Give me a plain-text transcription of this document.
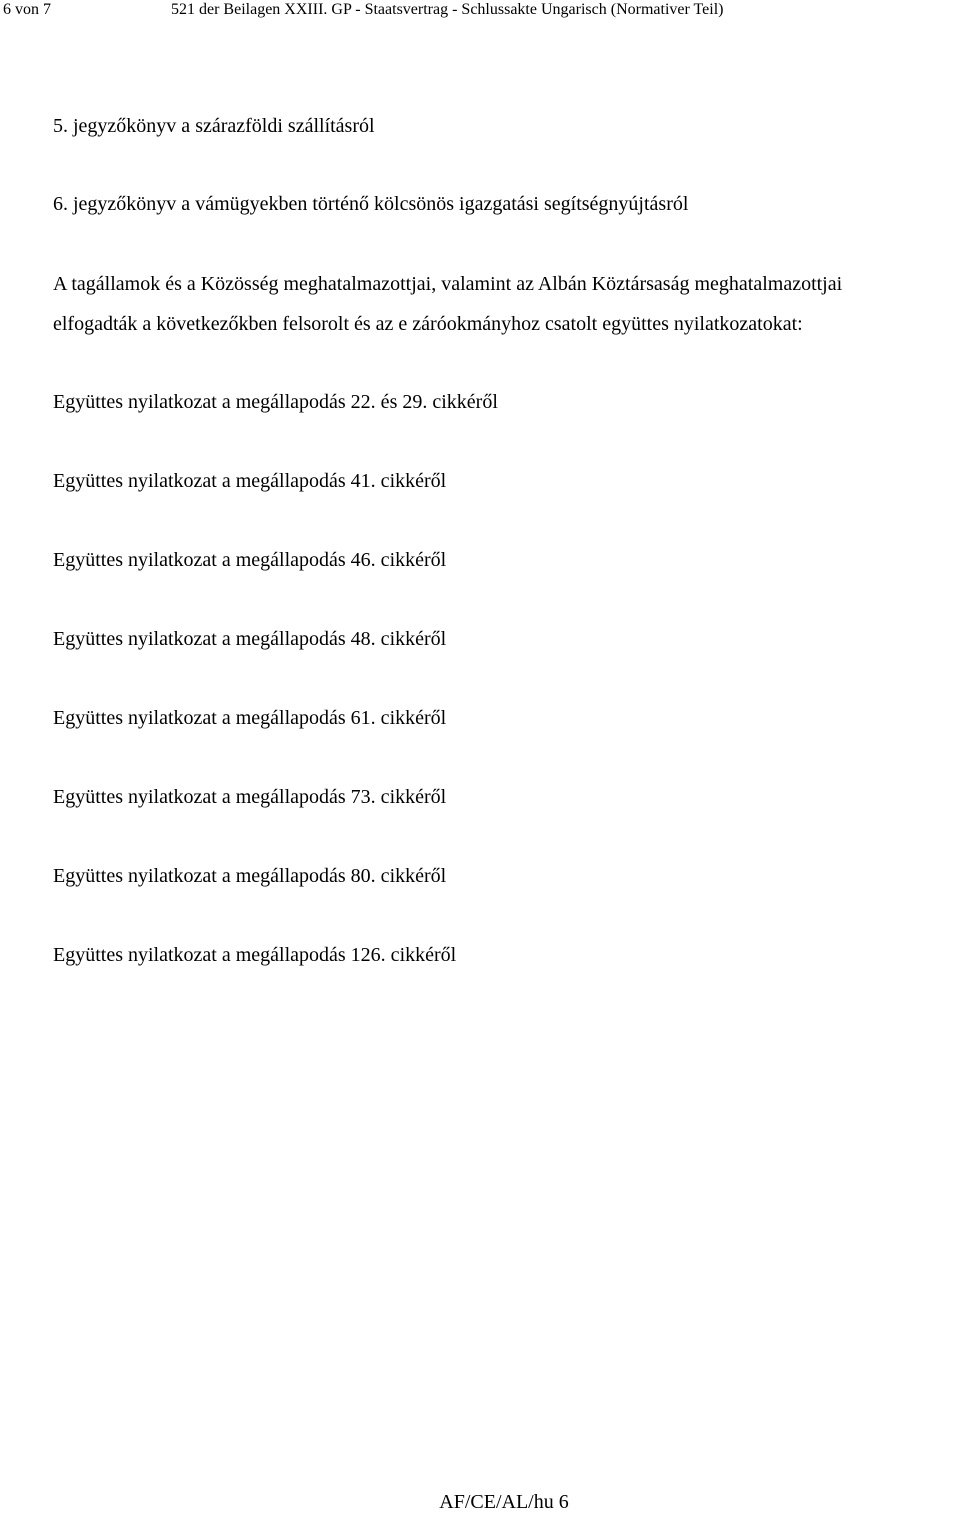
6 von 7	521 der Beilagen XXIII. GP - Staatsvertrag - Schlussakte Ungarisch (Normativer Teil)
5. jegyzőkönyv a szárazföldi szállításról
6. jegyzőkönyv a vámügyekben történő kölcsönös igazgatási segítségnyújtásról
A tagállamok és a Közösség meghatalmazottjai, valamint az Albán Köztársaság meghatalmazottjai
elfogadták a következőkben felsorolt és az e záróokmányhoz csatolt együttes nyilatkozatokat:
Együttes nyilatkozat a megállapodás 22. és 29. cikkéről
Együttes nyilatkozat a megállapodás 41. cikkéről
Együttes nyilatkozat a megállapodás 46. cikkéről
Együttes nyilatkozat a megállapodás 48. cikkéről
Együttes nyilatkozat a megállapodás 61. cikkéről
Együttes nyilatkozat a megállapodás 73. cikkéről
Együttes nyilatkozat a megállapodás 80. cikkéről
Együttes nyilatkozat a megállapodás 126. cikkéről
AF/CE/AL/hu 6
